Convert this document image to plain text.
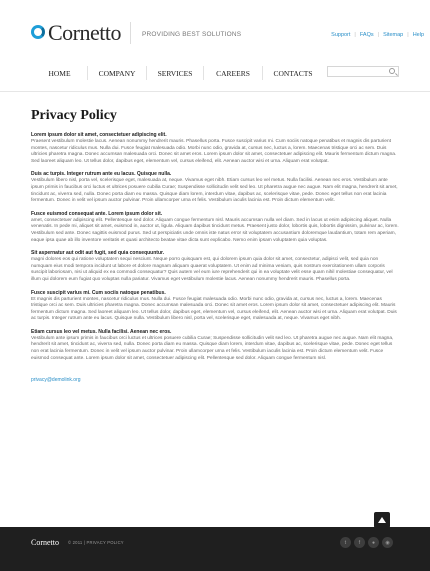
Cornetto	PROVIDING BEST SOLUTIONS	Support | FAQs | Sitemap | Help
HOME	COMPANY	SERVICES	CAREERS	CONTACTS
Privacy Policy
Lorem ipsum dolor sit amet, consectetuer adipiscing elit.
Praesent vestibulum molestie lacus. Aenean nonummy hendrerit mauris. Phasellus porta. Fusce suscipit varius mi. Cum sociis natoque penatibus et magnis dis parturient montes, nascetur ridiculus mus. Nulla dui. Fusce feugiat malesuada odio. Morbi nunc odio, gravida at, cursus nec, luctus a, lorem. Maecenas tristique orci ac sem. Duis ultricies pharetra magna. Donec accumsan malesuada orci. Donec sit amet eros. Lorem ipsum dolor sit amet, consectetuer adipiscing elit. Mauris fermentum dictum magna. Sed laoreet aliquam leo. Ut tellus dolor, dapibus eget, elementum vel, cursus eleifend, elit. Aenean auctor wisi et urna. Aliquam erat volutpat.
Duis ac turpis. Integer rutrum ante eu lacus. Quisque nulla.
Vestibulum libero nisl, porta vel, scelerisque eget, malesuada at, neque. Vivamus eget nibh. Etiam cursus leo vel metus. Nulla facilisi. Aenean nec eros. Vestibulum ante ipsum primis in faucibus orci luctus et ultrices posuere cubilia Curae; Suspendisse sollicitudin velit sed leo. Ut pharetra augue nec augue. Nam elit magna, hendrerit sit amet, tincidunt ac, viverra sed, nulla. Donec porta diam eu massa. Quisque diam lorem, interdum vitae, dapibus ac, scelerisque vitae, pede. Donec eget tellus non erat lacinia fermentum. Donec in velit vel ipsum auctor pulvinar. Proin ullamcorper urna et felis. Vestibulum iaculis lacinia est. Proin dictum elementum velit.
Fusce euismod consequat ante. Lorem ipsum dolor sit.
amet, consectetuer adipiscing elit. Pellentesque sed dolor. Aliquam congue fermentum nisl. Mauris accumsan nulla vel diam. Sed in lacus ut enim adipiscing aliquet. Nulla venenatis. In pede mi, aliquet sit amet, euismod in, auctor ut, ligula. Aliquam dapibus tincidunt metus. Praesent justo dolor, lobortis quis, lobortis dignissim, pulvinar ac, lorem. Vestibulum sed ante. Donec sagittis euismod purus. Sed ut perspiciatis unde omnis iste natus error sit voluptatem accusantium doloremque laudantium, totam rem aperiam, eaque ipsa quae ab illo inventore veritatis et quasi architecto beatae vitae dicta sunt explicabo. Nemo enim ipsam voluptatem quia voluptas.
Sit aspernatur aut odit aut fugit, sed quia consequuntur.
magni dolores eos qui ratione voluptatem sequi nesciunt. Neque porro quisquam est, qui dolorem ipsum quia dolor sit amet, consectetur, adipisci velit, sed quia non numquam eius modi tempora incidunt ut labore et dolore magnam aliquam quaerat voluptatem. Ut enim ad minima veniam, quis nostrum exercitationem ullam corporis suscipit laboriosam, nisi ut aliquid ex ea commodi consequatur? Quis autem vel eum iure reprehenderit qui in ea voluptate velit esse quam nihil molestiae consequatur, vel illum qui dolorem eum fugiat quo voluptas nulla pariatur. Vivamus eget vestibulum molestie lacus. Aenean nonummy hendrerit mauris. Phasellus porta.
Fusce suscipit varius mi. Cum sociis natoque penatibus.
Et magnis dis parturient montes, nascetur ridiculus mus. Nulla dui. Fusce feugiat malesuada odio. Morbi nunc odio, gravida at, cursus nec, luctus a, lorem. Maecenas tristique orci ac sem. Duis ultricies pharetra magna. Donec accumsan malesuada orci. Donec sit amet eros. Lorem ipsum dolor sit amet, consectetuer adipiscing elit. Mauris fermentum dictum magna. Sed laoreet aliquam leo. Ut tellus dolor, dapibus eget, elementum vel, cursus eleifend, elit. Aenean auctor wisi et urna. Aliquam erat volutpat. Duis ac turpis. Integer rutrum ante eu lacus. Quisque nulla. Vestibulum libero nisl, porta vel, scelerisque eget, malesuada at, neque. Vivamus eget nibh.
Etiam cursus leo vel metus. Nulla facilisi. Aenean nec eros.
Vestibulum ante ipsum primis in faucibus orci luctus et ultrices posuere cubilia Curae; Suspendisse sollicitudin velit sed leo. Ut pharetra augue nec augue. Nam elit magna, hendrerit sit amet, tincidunt ac, viverra sed, nulla. Donec porta diam eu massa. Quisque diam lorem, interdum vitae, dapibus ac, scelerisque vitae, pede. Donec eget tellus non erat lacinia fermentum. Donec in velit vel ipsum auctor pulvinar. Proin ullamcorper urna et felis. Vestibulum iaculis lacinia est. Proin dictum elementum velit. Fusce euismod consequat ante. Lorem ipsum dolor sit amet, consectetuer adipiscing elit. Pellentesque sed dolor. Aliquam congue fermentum nisl.
privacy@demolink.org
Cornetto © 2011 | PRIVACY POLICY	t	f	●	◉
